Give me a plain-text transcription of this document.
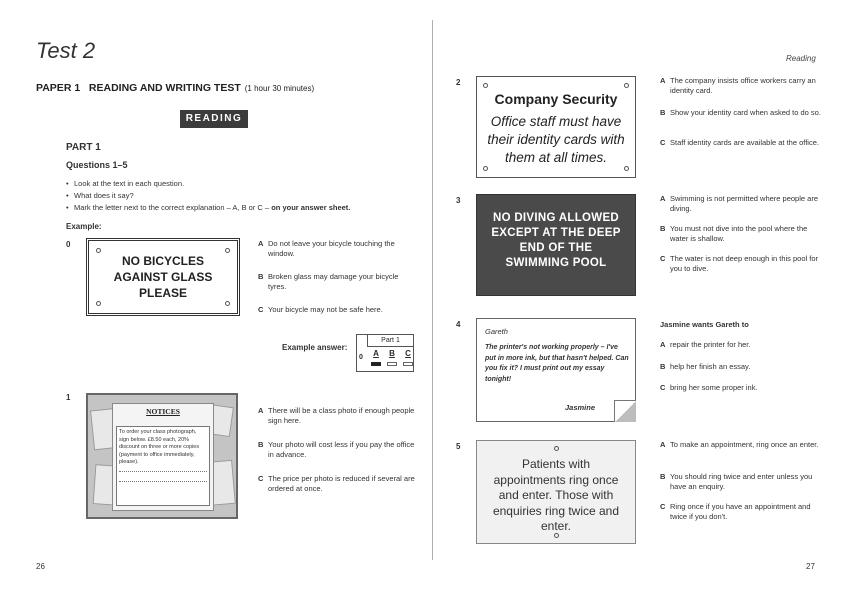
Test 2
PAPER 1   READING AND WRITING TEST (1 hour 30 minutes)
READING
PART 1
Questions 1–5
• Look at the text in each question.
• What does it say?
• Mark the letter next to the correct explanation – A, B or C – on your answer sheet.
Example:
0
NO BICYCLES AGAINST GLASS PLEASE
A Do not leave your bicycle touching the window.
B Broken glass may damage your bicycle tyres.
C Your bicycle may not be safe here.
Example answer:
Part 1
0 A B C
1
NOTICES
To order your class photograph, sign below. £8.50 each, 20% discount on three or more copies (payment to office immediately, please).
A There will be a class photo if enough people sign here.
B Your photo will cost less if you pay the office in advance.
C The price per photo is reduced if several are ordered at once.
26
Reading
2
Company Security
Office staff must have their identity cards with them at all times.
A The company insists office workers carry an identity card.
B Show your identity card when asked to do so.
C Staff identity cards are available at the office.
3
NO DIVING ALLOWED EXCEPT AT THE DEEP END OF THE SWIMMING POOL
A Swimming is not permitted where people are diving.
B You must not dive into the pool where the water is shallow.
C The water is not deep enough in this pool for you to dive.
4
Gareth
The printer's not working properly – I've put in more ink, but that hasn't helped. Can you fix it? I must print out my essay tonight!
Jasmine
Jasmine wants Gareth to
A repair the printer for her.
B help her finish an essay.
C bring her some proper ink.
5
Patients with appointments ring once and enter. Those with enquiries ring twice and enter.
A To make an appointment, ring once an enter.
B You should ring twice and enter unless you have an enquiry.
C Ring once if you have an appointment and twice if you don't.
27
